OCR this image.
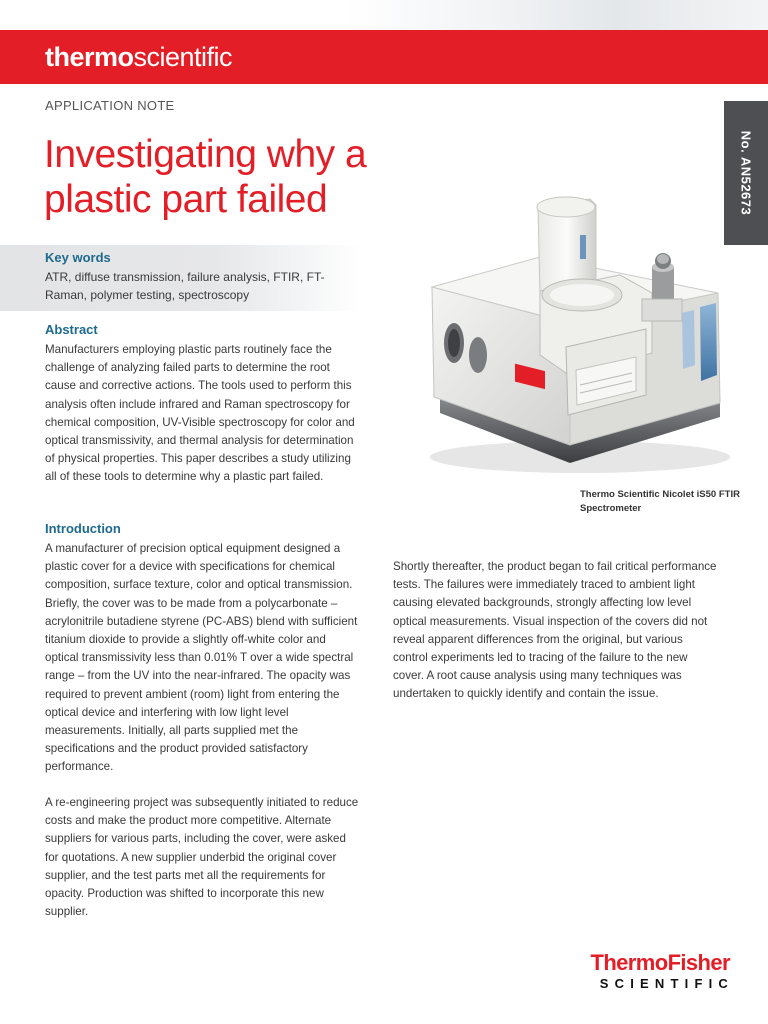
thermoscientific
APPLICATION NOTE
Investigating why a plastic part failed	No. AN52673
Key words
ATR, diffuse transmission, failure analysis, FTIR, FT-Raman, polymer testing, spectroscopy
Abstract

Manufacturers employing plastic parts routinely face the challenge of analyzing failed parts to determine the root cause and corrective actions. The tools used to perform this analysis often include infrared and Raman spectroscopy for chemical composition, UV-Visible spectroscopy for color and optical transmissivity, and thermal analysis for determination of physical properties. This paper describes a study utilizing all of these tools to determine why a plastic part failed.

Introduction

A manufacturer of precision optical equipment designed a plastic cover for a device with specifications for chemical composition, surface texture, color and optical transmission. Briefly, the cover was to be made from a polycarbonate – acrylonitrile butadiene styrene (PC-ABS) blend with sufficient titanium dioxide to provide a slightly off-white color and optical transmissivity less than 0.01% T over a wide spectral range – from the UV into the near-infrared. The opacity was required to prevent ambient (room) light from entering the optical device and interfering with low light level measurements. Initially, all parts supplied met the specifications and the product provided satisfactory performance.

A re-engineering project was subsequently initiated to reduce costs and make the product more competitive. Alternate suppliers for various parts, including the cover, were asked for quotations. A new supplier underbid the original cover supplier, and the test parts met all the requirements for opacity. Production was shifted to incorporate this new supplier.

Shortly thereafter, the product began to fail critical performance tests. The failures were immediately traced to ambient light causing elevated backgrounds, strongly affecting low level optical measurements. Visual inspection of the covers did not reveal apparent differences from the original, but various control experiments led to tracing of the failure to the new cover. A root cause analysis using many techniques was undertaken to quickly identify and contain the issue.

Thermo Scientific Nicolet iS50 FTIR Spectrometer
ThermoFisher
SCIENTIFIC
